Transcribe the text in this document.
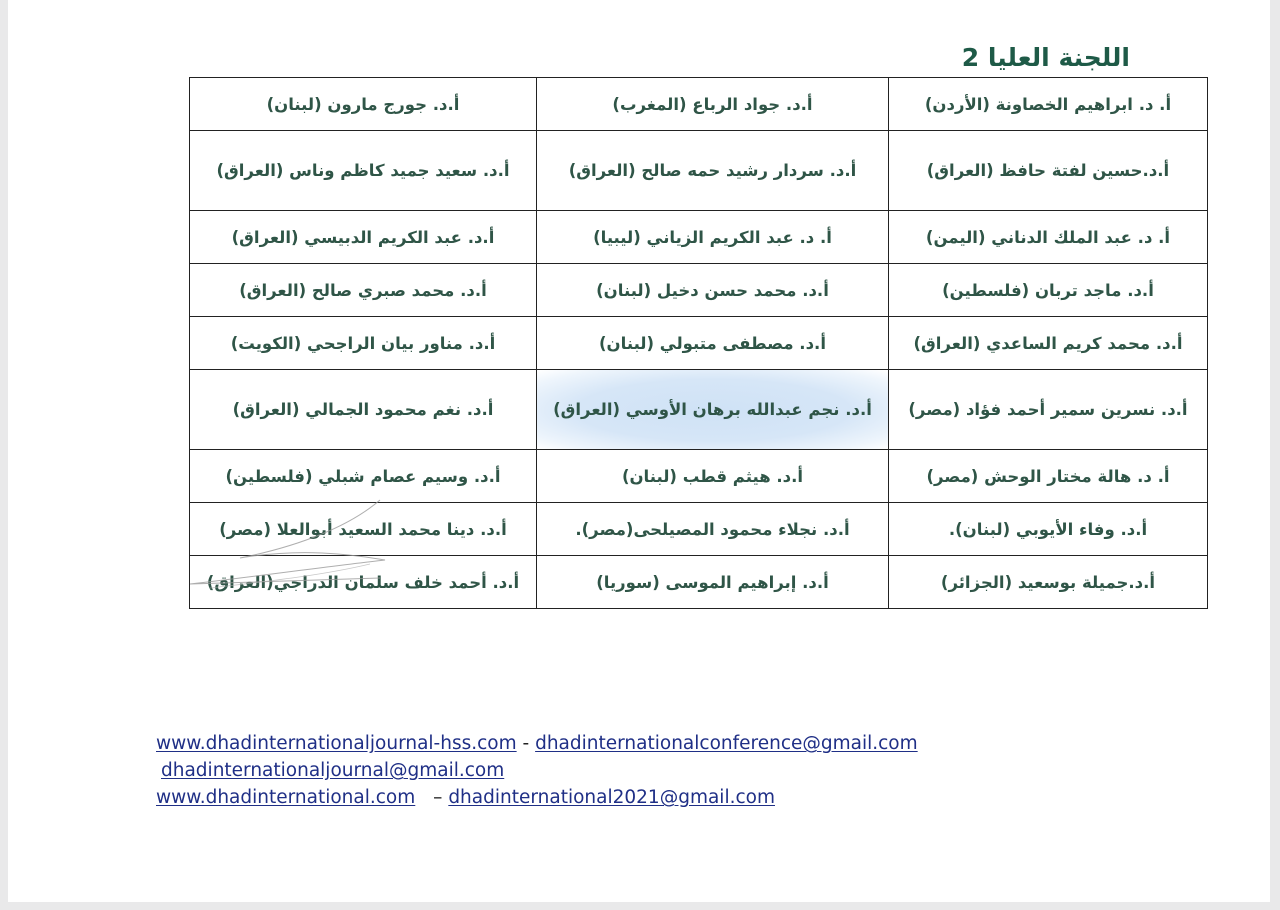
اللجنة العليا 2
أ. د. ابراهيم الخصاونة (الأردن)	أ.د. جواد الرباع (المغرب)	أ.د. جورج مارون (لبنان)
أ.د.حسين لفتة حافظ (العراق)	أ.د. سردار رشيد حمه صالح (العراق)	أ.د. سعيد جميد كاظم وناس (العراق)
أ. د. عبد الملك الدناني (اليمن)	أ. د. عبد الكريم الزياني (ليبيا)	أ.د. عبد الكريم الدبيسي (العراق)
أ.د. ماجد تربان (فلسطين)	أ.د. محمد حسن دخيل (لبنان)	أ.د. محمد صبري صالح (العراق)
أ.د. محمد كريم الساعدي (العراق)	أ.د. مصطفى متبولي (لبنان)	أ.د. مناور بيان الراجحي (الكويت)
أ.د. نسرين سمير أحمد فؤاد (مصر)	أ.د. نجم عبدالله برهان الأوسي (العراق)	أ.د. نغم محمود الجمالي (العراق)
أ. د. هالة مختار الوحش (مصر)	أ.د. هيثم قطب (لبنان)	أ.د. وسيم عصام شبلي (فلسطين)
أ.د. وفاء الأيوبي (لبنان).	أ.د. نجلاء محمود المصيلحى(مصر).	أ.د. دينا محمد السعيد أبوالعلا (مصر)
أ.د.جميلة بوسعيد (الجزائر)	أ.د. إبراهيم الموسى (سوريا)	أ.د. أحمد خلف سلمان الدراجي(العراق)
www.dhadinternationaljournal-hss.com - dhadinternationalconference@gmail.com
dhadinternationaljournal@gmail.com
www.dhadinternational.com – dhadinternational2021@gmail.com
